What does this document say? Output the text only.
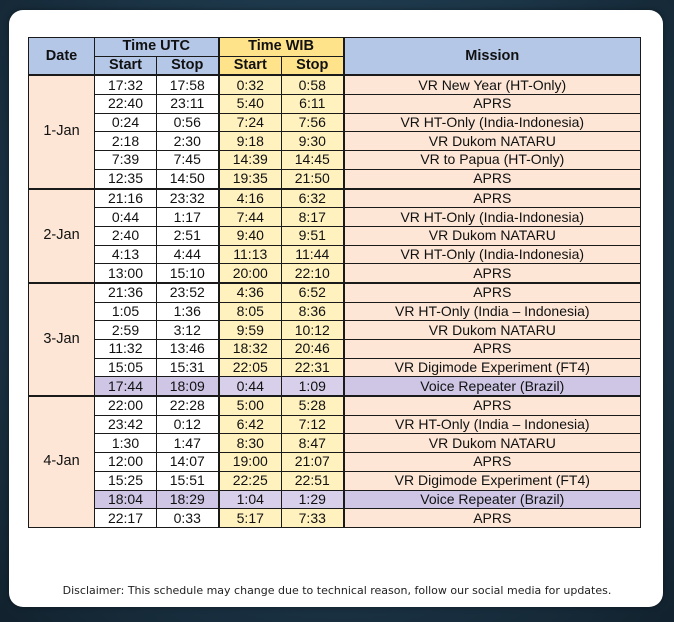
Date	Time UTC		Time WIB		Mission
	Start	Stop	Start	Stop	
1-Jan	17:32	17:58	0:32	0:58	VR New Year (HT-Only)
	22:40	23:11	5:40	6:11	APRS
	0:24	0:56	7:24	7:56	VR HT-Only (India-Indonesia)
	2:18	2:30	9:18	9:30	VR Dukom NATARU
	7:39	7:45	14:39	14:45	VR to Papua (HT-Only)
	12:35	14:50	19:35	21:50	APRS
2-Jan	21:16	23:32	4:16	6:32	APRS
	0:44	1:17	7:44	8:17	VR HT-Only (India-Indonesia)
	2:40	2:51	9:40	9:51	VR Dukom NATARU
	4:13	4:44	11:13	11:44	VR HT-Only (India-Indonesia)
	13:00	15:10	20:00	22:10	APRS
3-Jan	21:36	23:52	4:36	6:52	APRS
	1:05	1:36	8:05	8:36	VR HT-Only (India – Indonesia)
	2:59	3:12	9:59	10:12	VR Dukom NATARU
	11:32	13:46	18:32	20:46	APRS
	15:05	15:31	22:05	22:31	VR Digimode Experiment (FT4)
	17:44	18:09	0:44	1:09	Voice Repeater (Brazil)
4-Jan	22:00	22:28	5:00	5:28	APRS
	23:42	0:12	6:42	7:12	VR HT-Only (India – Indonesia)
	1:30	1:47	8:30	8:47	VR Dukom NATARU
	12:00	14:07	19:00	21:07	APRS
	15:25	15:51	22:25	22:51	VR Digimode Experiment (FT4)
	18:04	18:29	1:04	1:29	Voice Repeater (Brazil)
	22:17	0:33	5:17	7:33	APRS
Disclaimer: This schedule may change due to technical reason, follow our social media for updates.
